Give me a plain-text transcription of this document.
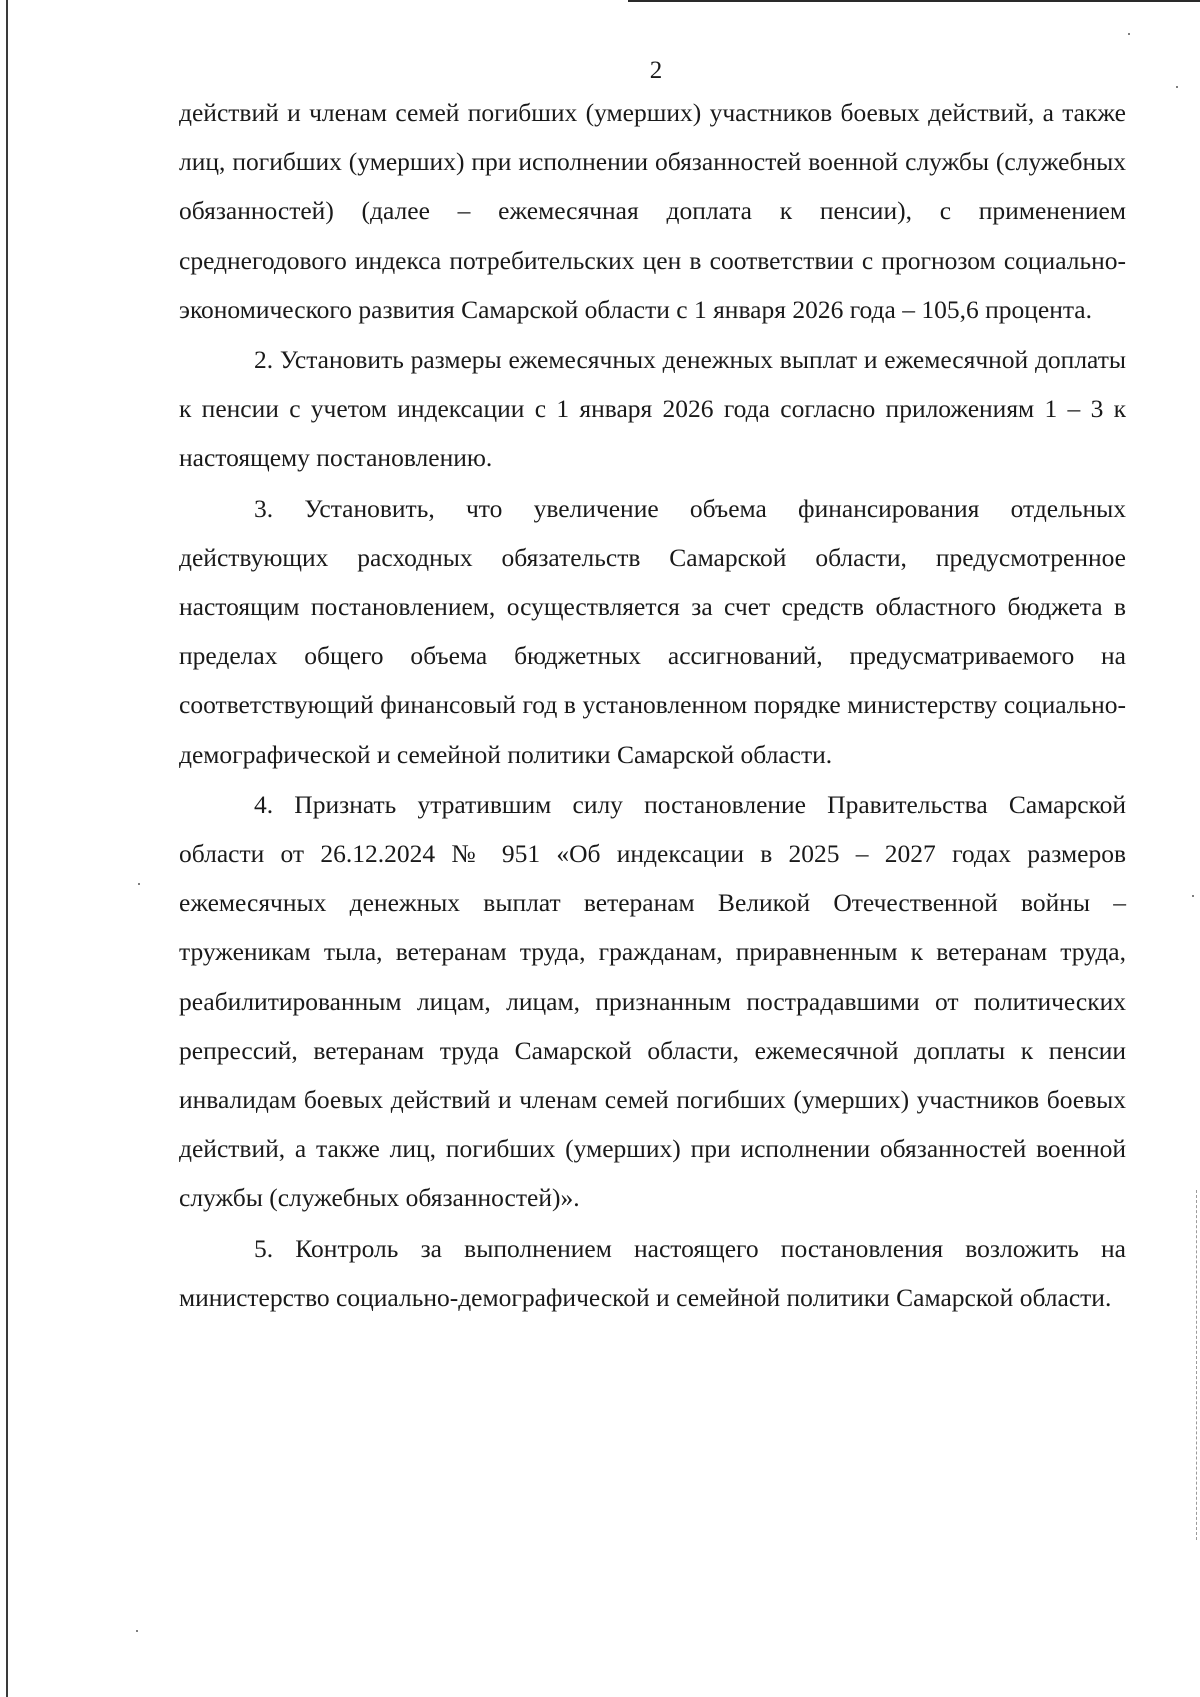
2

действий и членам семей погибших (умерших) участников боевых действий, а также лиц, погибших (умерших) при исполнении обязанностей военной службы (служебных обязанностей) (далее – ежемесячная доплата к пенсии), с применением среднегодового индекса потребительских цен в соответствии с прогнозом социально-экономического развития Самарской области с 1 января 2026 года – 105,6 процента.

2. Установить размеры ежемесячных денежных выплат и ежемесячной доплаты к пенсии с учетом индексации с 1 января 2026 года согласно приложениям 1 – 3 к настоящему постановлению.

3. Установить, что увеличение объема финансирования отдельных действующих расходных обязательств Самарской области, предусмотренное настоящим постановлением, осуществляется за счет средств областного бюджета в пределах общего объема бюджетных ассигнований, предусматриваемого на соответствующий финансовый год в установленном порядке министерству социально-демографической и семейной политики Самарской области.

4. Признать утратившим силу постановление Правительства Самарской области от 26.12.2024 № 951 «Об индексации в 2025 – 2027 годах размеров ежемесячных денежных выплат ветеранам Великой Отечественной войны – труженикам тыла, ветеранам труда, гражданам, приравненным к ветеранам труда, реабилитированным лицам, лицам, признанным пострадавшими от политических репрессий, ветеранам труда Самарской области, ежемесячной доплаты к пенсии инвалидам боевых действий и членам семей погибших (умерших) участников боевых действий, а также лиц, погибших (умерших) при исполнении обязанностей военной службы (служебных обязанностей)».

5. Контроль за выполнением настоящего постановления возложить на министерство социально-демографической и семейной политики Самарской области.
